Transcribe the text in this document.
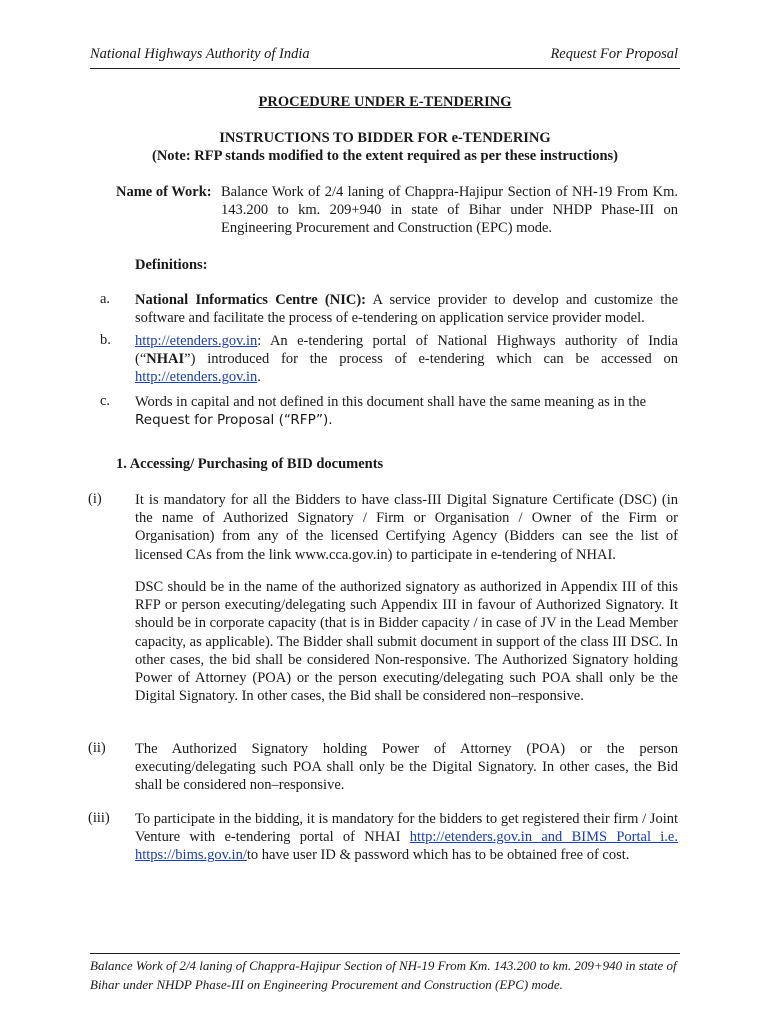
National Highways Authority of India	Request For Proposal
PROCEDURE UNDER E-TENDERING
INSTRUCTIONS TO BIDDER FOR e-TENDERING
(Note: RFP stands modified to the extent required as per these instructions)
Name of Work: Balance Work of 2/4 laning of Chappra-Hajipur Section of NH-19 From Km. 143.200 to km. 209+940 in state of Bihar under NHDP Phase-III on Engineering Procurement and Construction (EPC) mode.
Definitions:
a. National Informatics Centre (NIC): A service provider to develop and customize the software and facilitate the process of e-tendering on application service provider model.
b. http://etenders.gov.in: An e-tendering portal of National Highways authority of India (“NHAI”) introduced for the process of e-tendering which can be accessed on http://etenders.gov.in.
c. Words in capital and not defined in this document shall have the same meaning as in the
Request for Proposal (“RFP”).
1. Accessing/ Purchasing of BID documents
(i) It is mandatory for all the Bidders to have class-III Digital Signature Certificate (DSC) (in the name of Authorized Signatory / Firm or Organisation / Owner of the Firm or Organisation) from any of the licensed Certifying Agency (Bidders can see the list of licensed CAs from the link www.cca.gov.in) to participate in e-tendering of NHAI.
DSC should be in the name of the authorized signatory as authorized in Appendix III of this RFP or person executing/delegating such Appendix III in favour of Authorized Signatory. It should be in corporate capacity (that is in Bidder capacity / in case of JV in the Lead Member capacity, as applicable). The Bidder shall submit document in support of the class III DSC. In other cases, the bid shall be considered Non-responsive. The Authorized Signatory holding Power of Attorney (POA) or the person executing/delegating such POA shall only be the Digital Signatory. In other cases, the Bid shall be considered non–responsive.
(ii) The Authorized Signatory holding Power of Attorney (POA) or the person executing/delegating such POA shall only be the Digital Signatory. In other cases, the Bid shall be considered non–responsive.
(iii) To participate in the bidding, it is mandatory for the bidders to get registered their firm / Joint Venture with e-tendering portal of NHAI http://etenders.gov.in and BIMS Portal i.e. https://bims.gov.in/to have user ID & password which has to be obtained free of cost.
Balance Work of 2/4 laning of Chappra-Hajipur Section of NH-19 From Km. 143.200 to km. 209+940 in state of Bihar under NHDP Phase-III on Engineering Procurement and Construction (EPC) mode.
